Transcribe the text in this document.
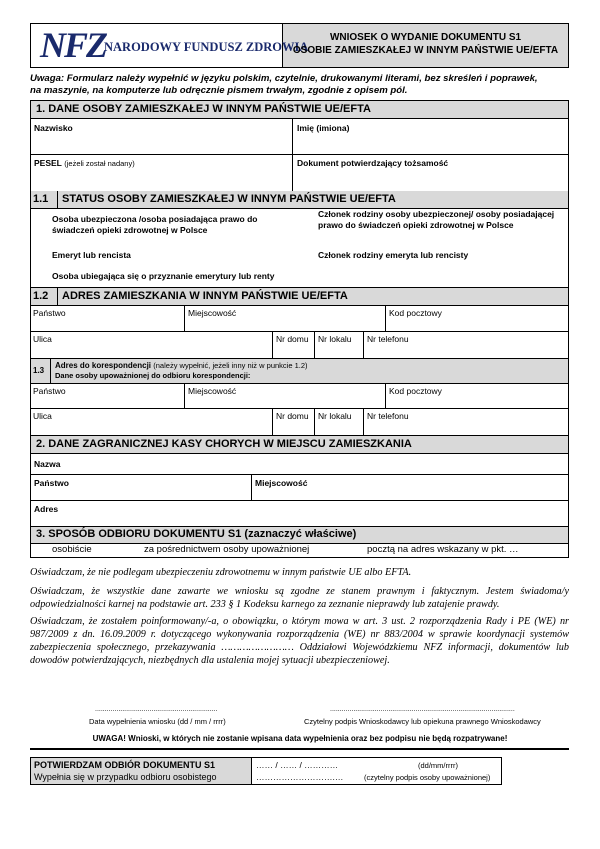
NFZ
NARODOWY FUNDUSZ ZDROWIA
WNIOSEK O WYDANIE DOKUMENTU S1
OSOBIE ZAMIESZKAŁEJ W INNYM PAŃSTWIE UE/EFTA
Uwaga: Formularz należy wypełnić w języku polskim, czytelnie, drukowanymi literami, bez skreśleń i poprawek,
na maszynie, na komputerze lub odręcznie pismem trwałym, zgodnie z opisem pól.
1. DANE OSOBY ZAMIESZKAŁEJ W INNYM PAŃSTWIE UE/EFTA
Nazwisko	Imię (imiona)
PESEL (jeżeli został nadany)	Dokument potwierdzający tożsamość
1.1 STATUS OSOBY ZAMIESZKAŁEJ W INNYM PAŃSTWIE UE/EFTA
Osoba ubezpieczona /osoba posiadająca prawo do świadczeń opieki zdrowotnej w Polsce
Członek rodziny osoby ubezpieczonej/ osoby posiadającej prawo do świadczeń opieki zdrowotnej w Polsce
Emeryt lub rencista	Członek rodziny emeryta lub rencisty
Osoba ubiegająca się o przyznanie emerytury lub renty
1.2 ADRES ZAMIESZKANIA W INNYM PAŃSTWIE UE/EFTA
Państwo	Miejscowość	Kod pocztowy
Ulica	Nr domu Nr lokalu Nr telefonu
1.3
Adres do korespondencji (należy wypełnić, jeżeli inny niż w punkcie 1.2)
Dane osoby upoważnionej do odbioru korespondencji:
Państwo	Miejscowość	Kod pocztowy
Ulica	Nr domu Nr lokalu Nr telefonu
2. DANE ZAGRANICZNEJ KASY CHORYCH W MIEJSCU ZAMIESZKANIA
Nazwa
Państwo	Miejscowość
Adres
3. SPOSÓB ODBIORU DOKUMENTU S1 (zaznaczyć właściwe)
osobiście	za pośrednictwem osoby upoważnionej	pocztą na adres wskazany w pkt. …
Oświadczam, że nie podlegam ubezpieczeniu zdrowotnemu w innym państwie UE albo EFTA.
Oświadczam, że wszystkie dane zawarte we wniosku są zgodne ze stanem prawnym i faktycznym. Jestem świadoma/y odpowiedzialności karnej na podstawie art. 233 § 1 Kodeksu karnego za zeznanie nieprawdy lub zatajenie prawdy.
Oświadczam, że zostałem poinformowany/-a, o obowiązku, o którym mowa w art. 3 ust. 2 rozporządzenia Rady i PE (WE) nr 987/2009 z dn. 16.09.2009 r. dotyczącego wykonywania rozporządzenia (WE) nr 883/2004 w sprawie koordynacji systemów zabezpieczenia społecznego, przekazywania …………………… Oddziałowi Wojewódzkiemu NFZ informacji, dokumentów lub dowodów potwierdzających, niezbędnych dla ustalenia mojej sytuacji ubezpieczeniowej.
...............................................................	...............................................................................................
Data wypełnienia wniosku (dd / mm / rrrr)	Czytelny podpis Wnioskodawcy lub opiekuna prawnego Wnioskodawcy
UWAGA! Wnioski, w których nie zostanie wpisana data wypełnienia oraz bez podpisu nie będą rozpatrywane!
POTWIERDZAM ODBIÓR DOKUMENTU S1
Wypełnia się w przypadku odbioru osobistego
…… / …… / …………	(dd/mm/rrrr)
……………………….…	(czytelny podpis osoby upoważnionej)
